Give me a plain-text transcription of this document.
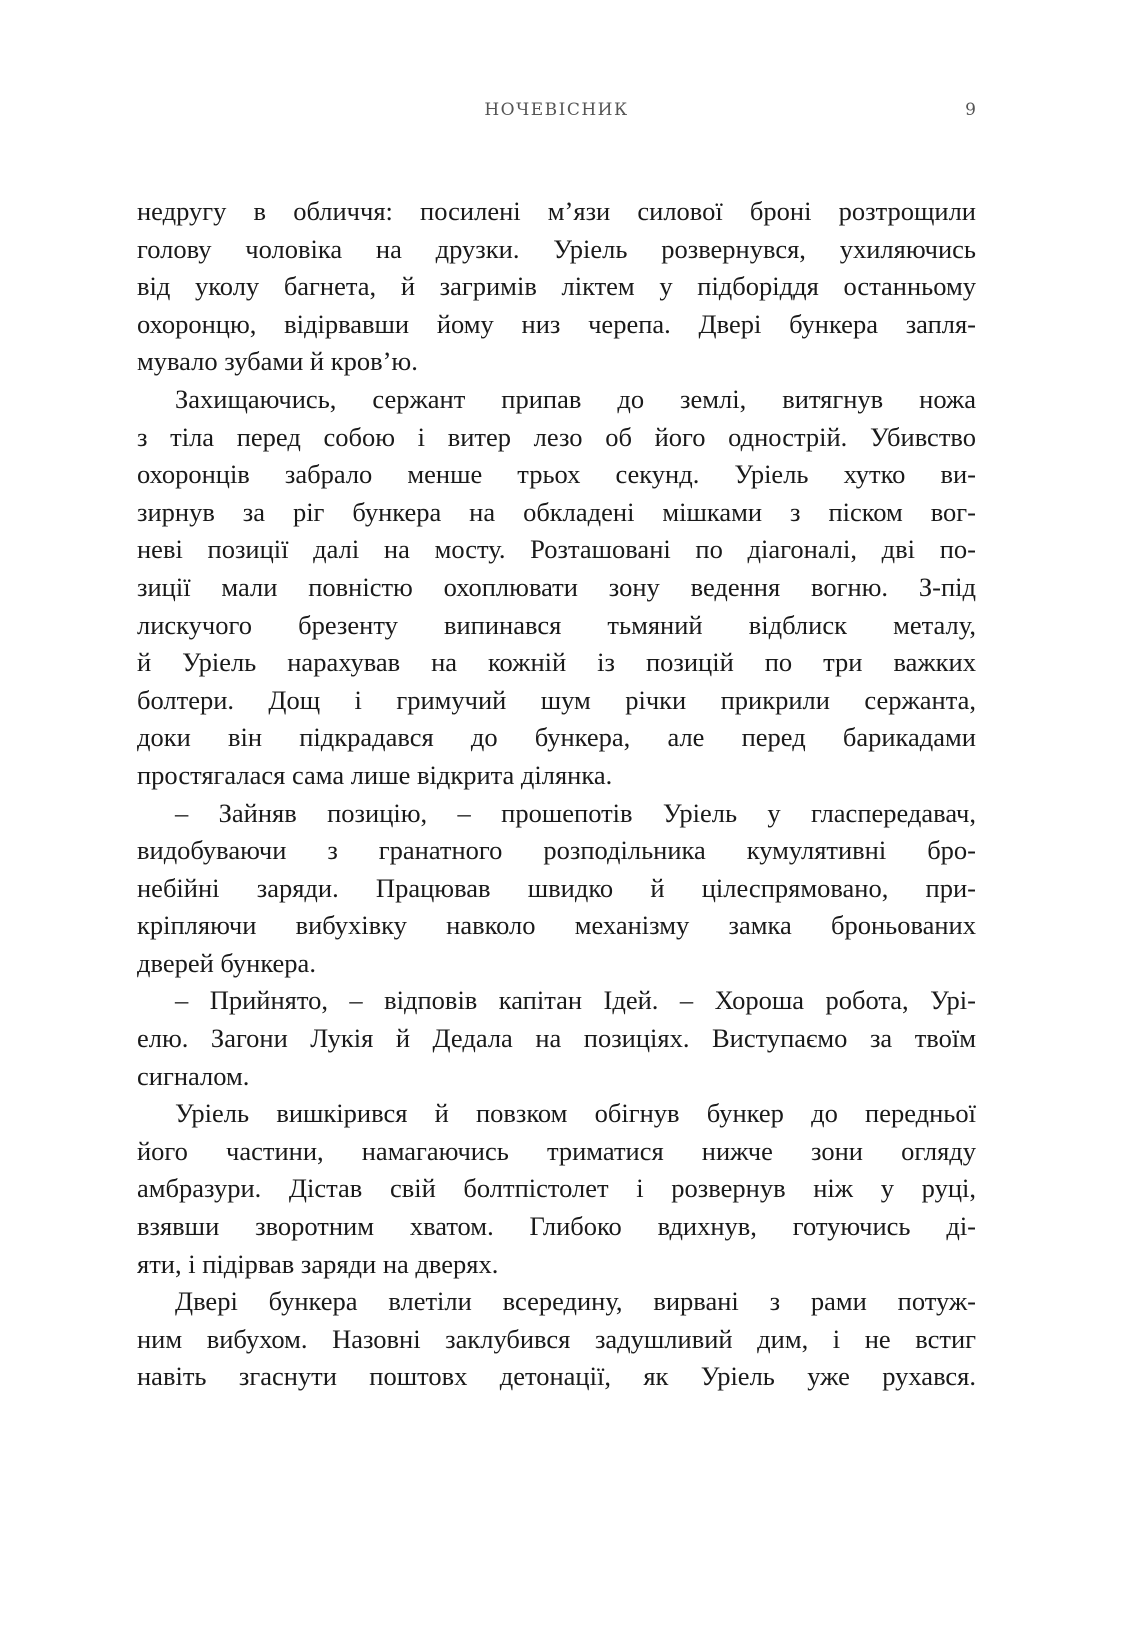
НОЧЕВІСНИК	9
недругу в обличчя: посилені м’язи силової броні розтрощили
голову чоловіка на друзки. Уріель розвернувся, ухиляючись
від уколу багнета, й загримів ліктем у підборіддя останньому
охоронцю, відірвавши йому низ черепа. Двері бункера запля-
мувало зубами й кров’ю.
Захищаючись, сержант припав до землі, витягнув ножа
з тіла перед собою і витер лезо об його однострій. Убивство
охоронців забрало менше трьох секунд. Уріель хутко ви-
зирнув за ріг бункера на обкладені мішками з піском вог-
неві позиції далі на мосту. Розташовані по діагоналі, дві по-
зиції мали повністю охоплювати зону ведення вогню. З-під
лискучого брезенту випинався тьмяний відблиск металу,
й Уріель нарахував на кожній із позицій по три важких
болтери. Дощ і гримучий шум річки прикрили сержанта,
доки він підкрадався до бункера, але перед барикадами
простягалася сама лише відкрита ділянка.
– Зайняв позицію, – прошепотів Уріель у гласпередавач,
видобуваючи з гранатного розподільника кумулятивні бро-
небійні заряди. Працював швидко й цілеспрямовано, при-
кріпляючи вибухівку навколо механізму замка броньованих
дверей бункера.
– Прийнято, – відповів капітан Ідей. – Хороша робота, Урі-
елю. Загони Лукія й Дедала на позиціях. Виступаємо за твоїм
сигналом.
Уріель вишкірився й повзком обігнув бункер до передньої
його частини, намагаючись триматися нижче зони огляду
амбразури. Дістав свій болтпістолет і розвернув ніж у руці,
взявши зворотним хватом. Глибоко вдихнув, готуючись ді-
яти, і підірвав заряди на дверях.
Двері бункера влетіли всередину, вирвані з рами потуж-
ним вибухом. Назовні заклубився задушливий дим, і не встиг
навіть згаснути поштовх детонації, як Уріель уже рухався.
